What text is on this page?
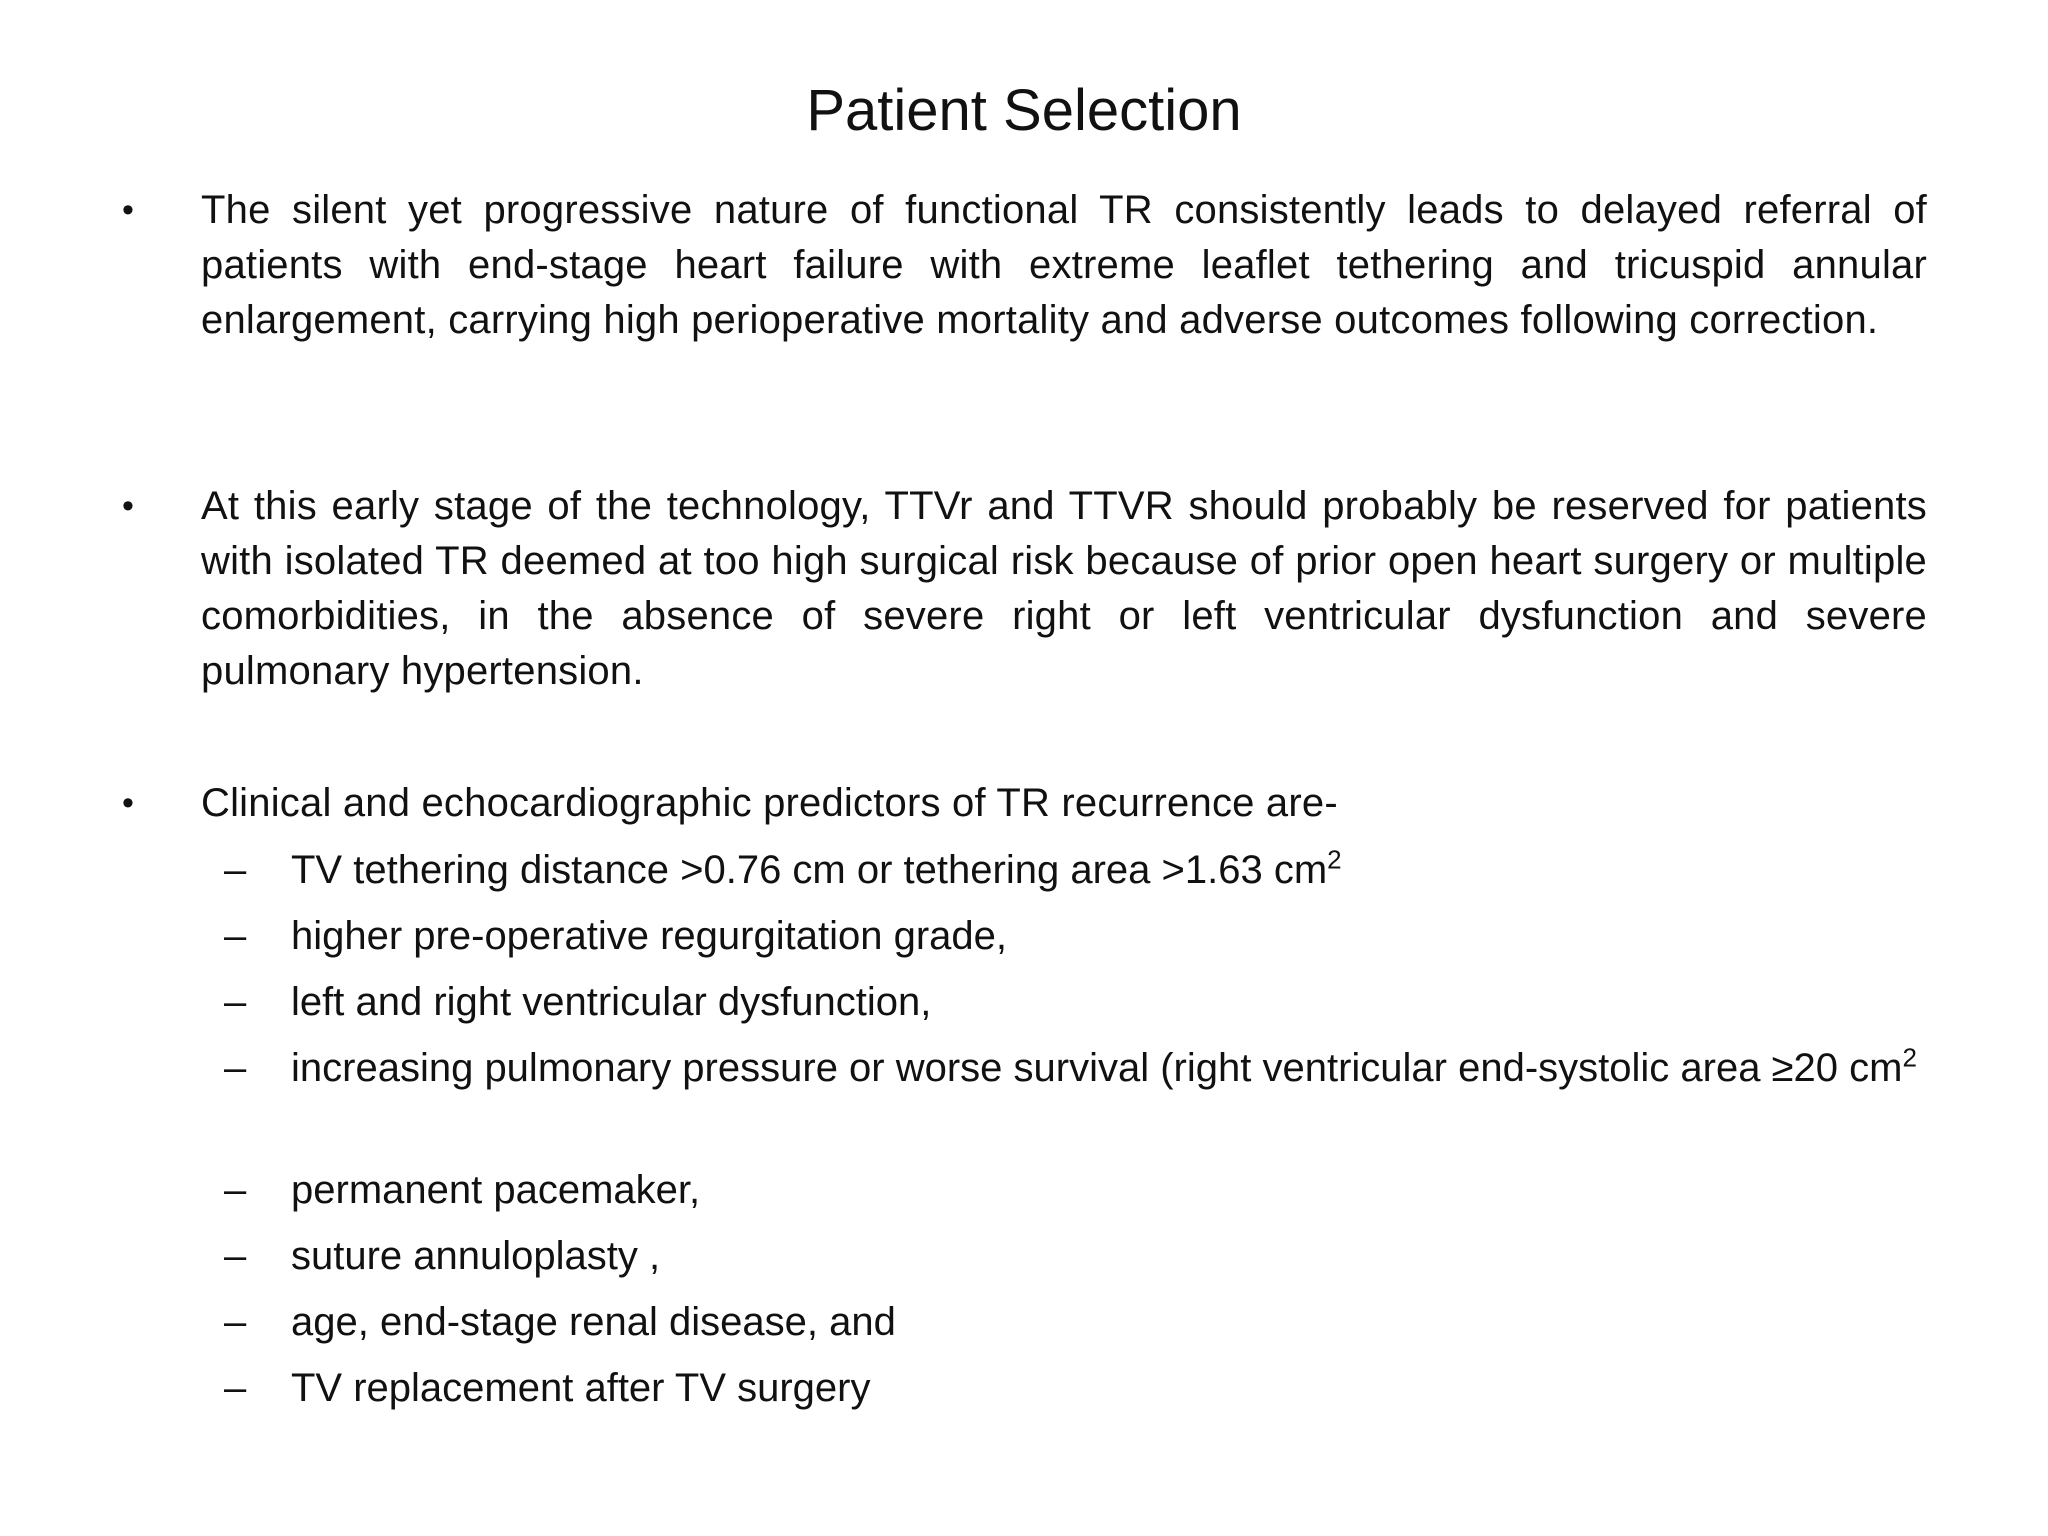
Patient Selection
• The silent yet progressive nature of functional TR consistently leads to delayed referral of patients with end-stage heart failure with extreme leaflet tethering and tricuspid annular enlargement, carrying high perioperative mortality and adverse outcomes following correction.
• At this early stage of the technology, TTVr and TTVR should probably be reserved for patients with isolated TR deemed at too high surgical risk because of prior open heart surgery or multiple comorbidities, in the absence of severe right or left ventricular dysfunction and severe pulmonary hypertension.
• Clinical and echocardiographic predictors of TR recurrence are-
– TV tethering distance >0.76 cm or tethering area >1.63 $cm^2$
– higher pre-operative regurgitation grade,
– left and right ventricular dysfunction,
– increasing pulmonary pressure or worse survival (right ventricular end-systolic area ≥20 $cm^2$
– permanent pacemaker,
– suture annuloplasty ,
– age, end-stage renal disease, and
– TV replacement after TV surgery
